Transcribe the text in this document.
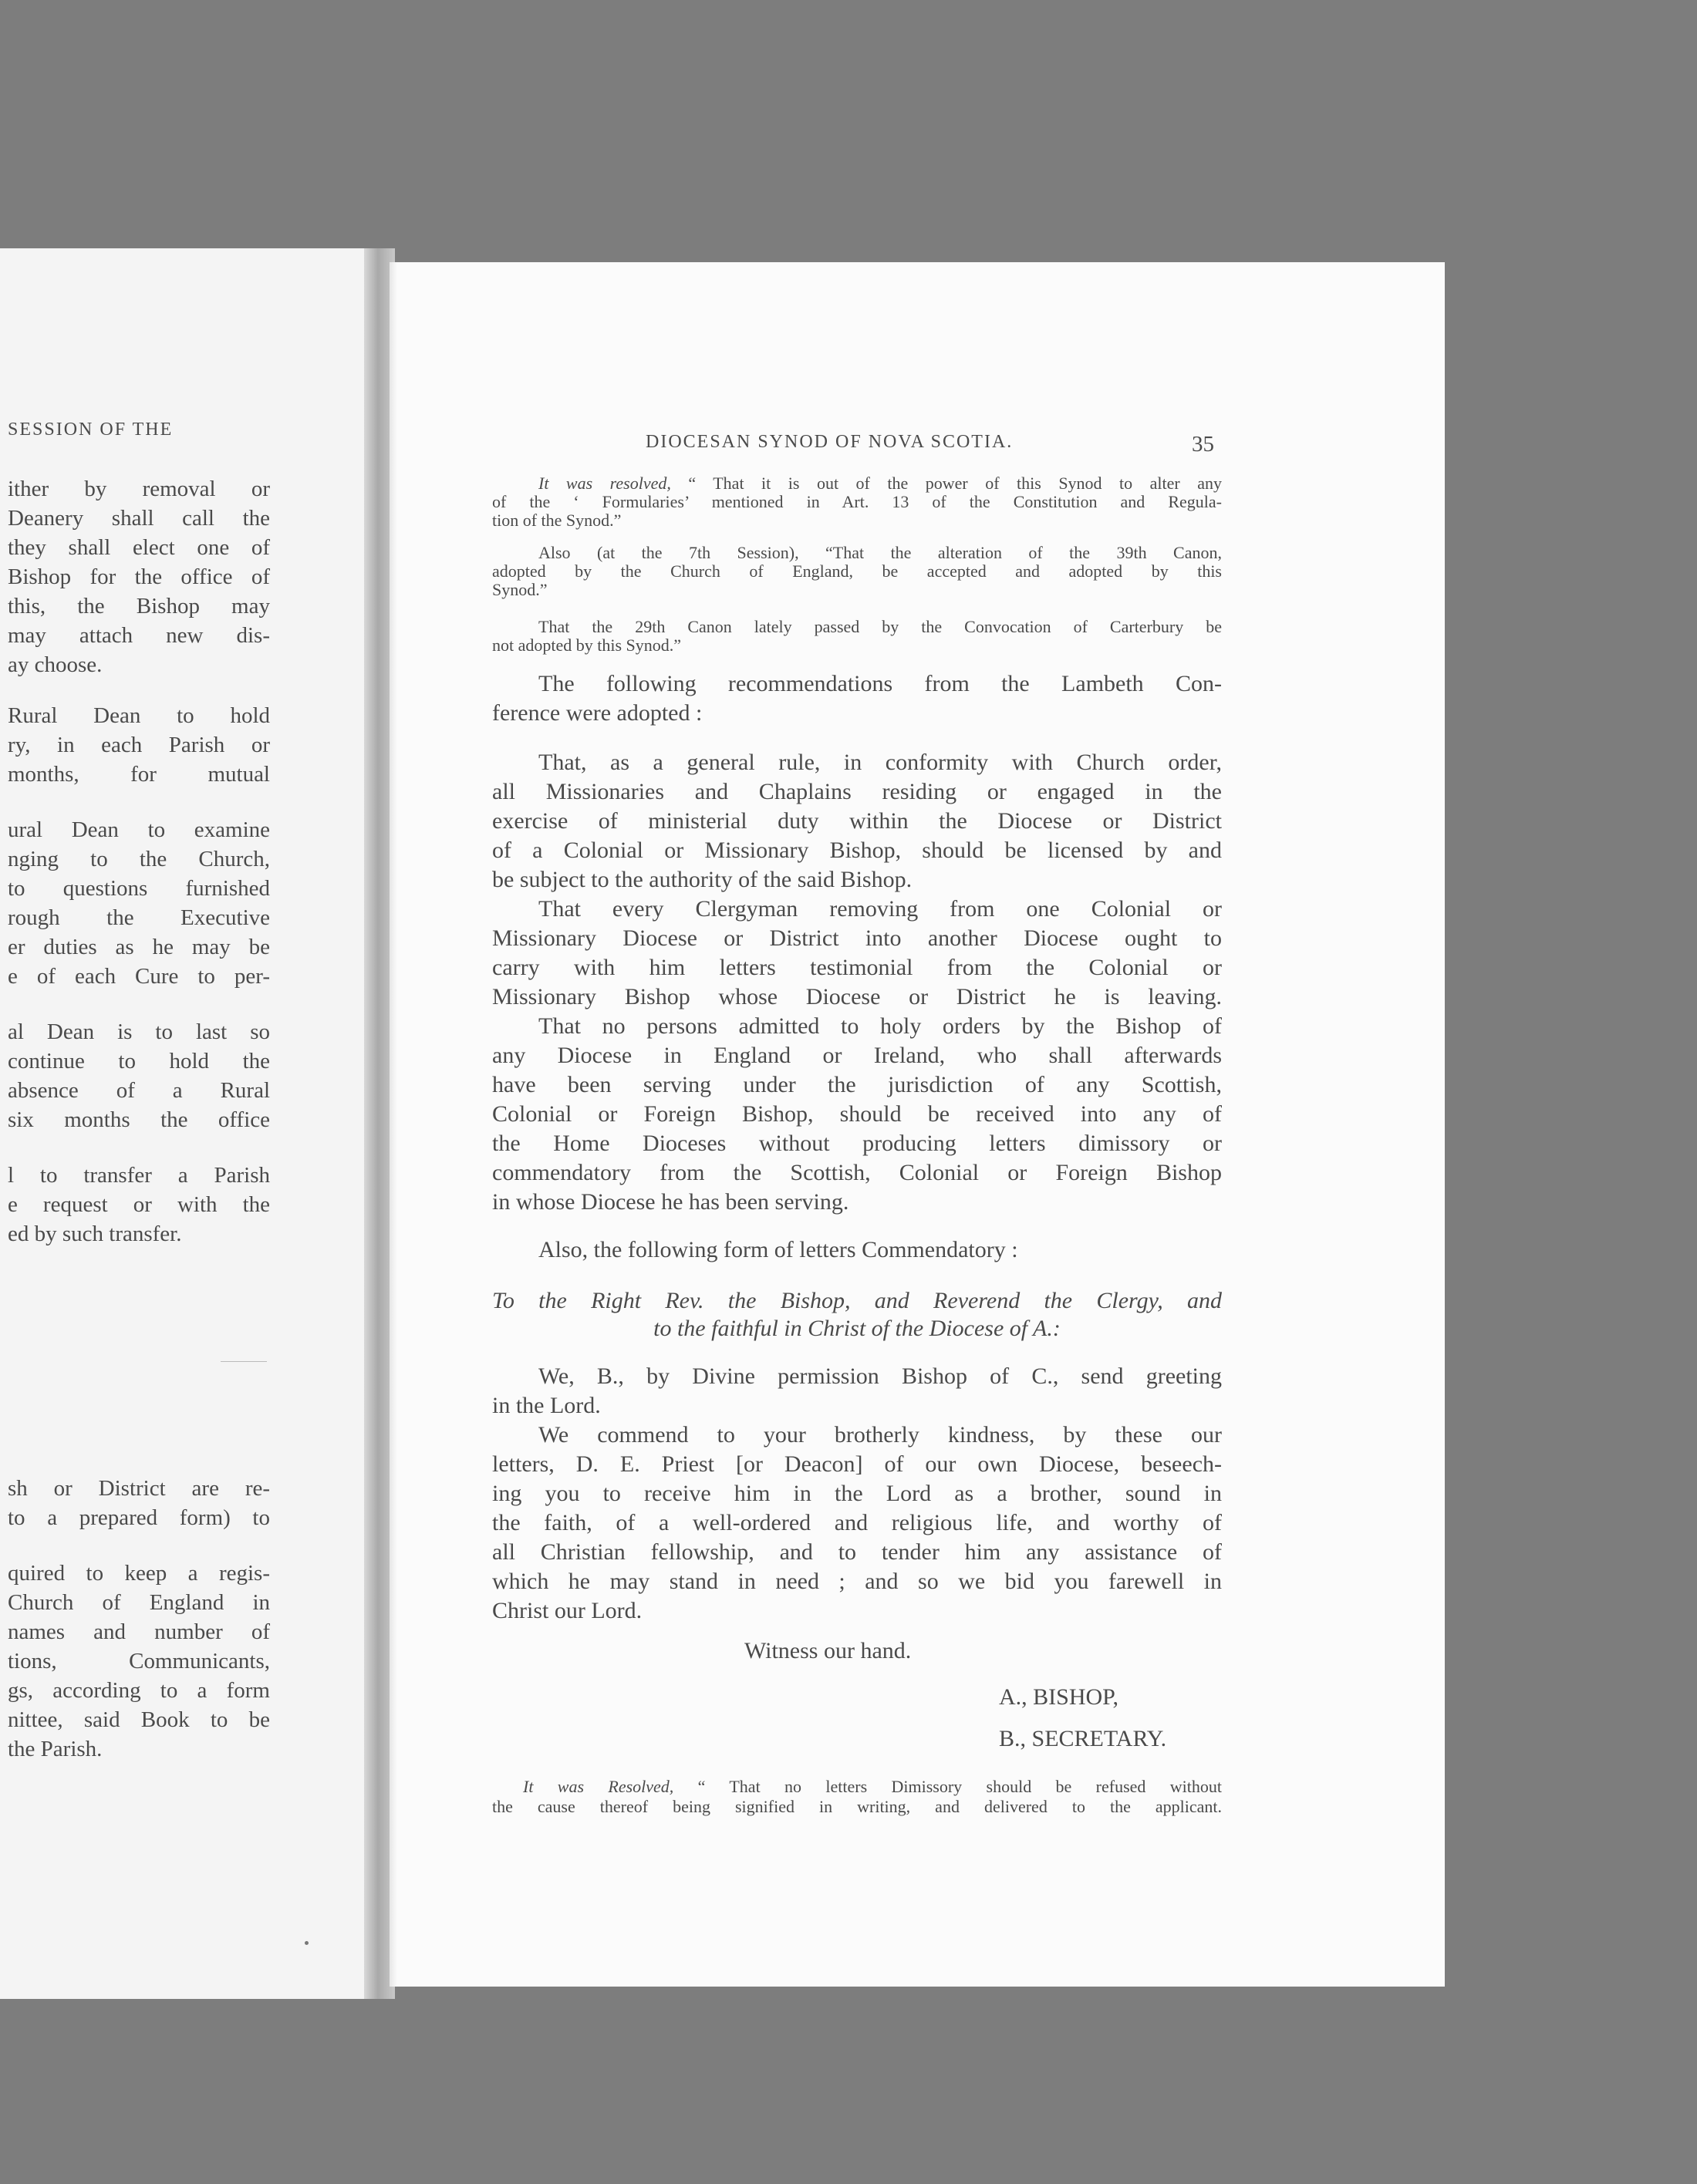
SESSION OF THE
ither by removal or
Deanery shall call the
they shall elect one of
Bishop for the office of
this, the Bishop may
may attach new dis-
ay choose.
Rural Dean to hold
ry, in each Parish or
months, for mutual
ural Dean to examine
nging to the Church,
to questions furnished
rough the Executive
er duties as he may be
e of each Cure to per-
al Dean is to last so
continue to hold the
absence of a Rural
six months the office
l to transfer a Parish
e request or with the
ed by such transfer.
sh or District are re-
to a prepared form) to
quired to keep a regis-
Church of England in
names and number of
tions, Communicants,
gs, according to a form
nittee, said Book to be
the Parish.
DIOCESAN SYNOD OF NOVA SCOTIA.	35
It was resolved, “ That it is out of the power of this Synod to alter any
of the ‘ Formularies’ mentioned in Art. 13 of the Constitution and Regula-
tion of the Synod.”
Also (at the 7th Session), “That the alteration of the 39th Canon,
adopted by the Church of England, be accepted and adopted by this
Synod.”
That the 29th Canon lately passed by the Convocation of Carterbury be
not adopted by this Synod.”
The following recommendations from the Lambeth Con-
ference were adopted :
That, as a general rule, in conformity with Church order,
all Missionaries and Chaplains residing or engaged in the
exercise of ministerial duty within the Diocese or District
of a Colonial or Missionary Bishop, should be licensed by and
be subject to the authority of the said Bishop.
That every Clergyman removing from one Colonial or
Missionary Diocese or District into another Diocese ought to
carry with him letters testimonial from the Colonial or
Missionary Bishop whose Diocese or District he is leaving.
That no persons admitted to holy orders by the Bishop of
any Diocese in England or Ireland, who shall afterwards
have been serving under the jurisdiction of any Scottish,
Colonial or Foreign Bishop, should be received into any of
the Home Dioceses without producing letters dimissory or
commendatory from the Scottish, Colonial or Foreign Bishop
in whose Diocese he has been serving.
Also, the following form of letters Commendatory :
To the Right Rev. the Bishop, and Reverend the Clergy, and
to the faithful in Christ of the Diocese of A.:
We, B., by Divine permission Bishop of C., send greeting
in the Lord.
We commend to your brotherly kindness, by these our
letters, D. E. Priest [or Deacon] of our own Diocese, beseech-
ing you to receive him in the Lord as a brother, sound in
the faith, of a well-ordered and religious life, and worthy of
all Christian fellowship, and to tender him any assistance of
which he may stand in need ; and so we bid you farewell in
Christ our Lord.
Witness our hand.
A., BISHOP,
B., SECRETARY.
It was Resolved, “ That no letters Dimissory should be refused without
the cause thereof being signified in writing, and delivered to the applicant.
